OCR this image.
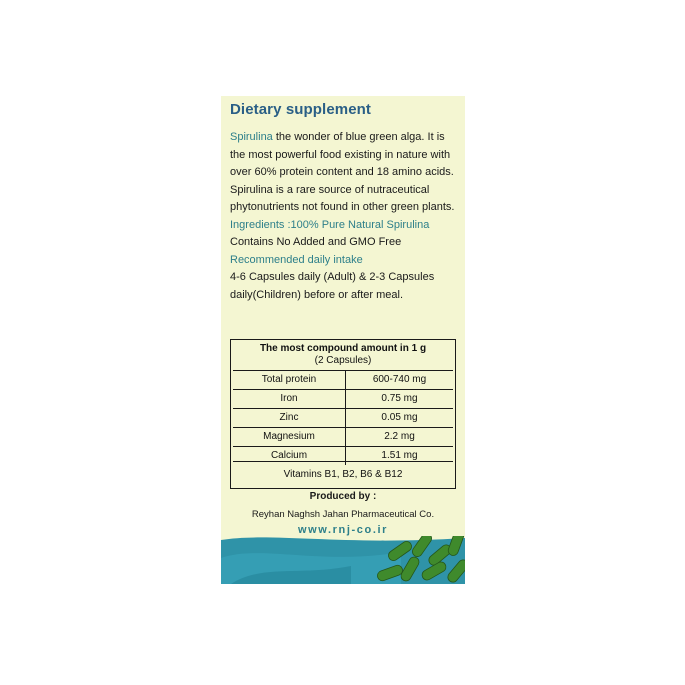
Dietary supplement

Spirulina the wonder of blue green alga. It is the most powerful food existing in nature with over 60% protein content and 18 amino acids.

Spirulina is a rare source of nutraceutical phytonutrients not found in other green plants.

Ingredients :100% Pure Natural Spirulina

Contains No Added and GMO Free

Recommended daily intake

4-6 Capsules daily (Adult) & 2-3 Capsules daily(Children) before or after meal.

The most compound amount in 1 g
(2 Capsules)
Total protein	600-740 mg
Iron	0.75 mg
Zinc	0.05 mg
Magnesium	2.2 mg
Calcium	1.51 mg
Vitamins B1, B2, B6 & B12
Produced by :
Reyhan Naghsh Jahan Pharmaceutical Co.
www.rnj-co.ir
